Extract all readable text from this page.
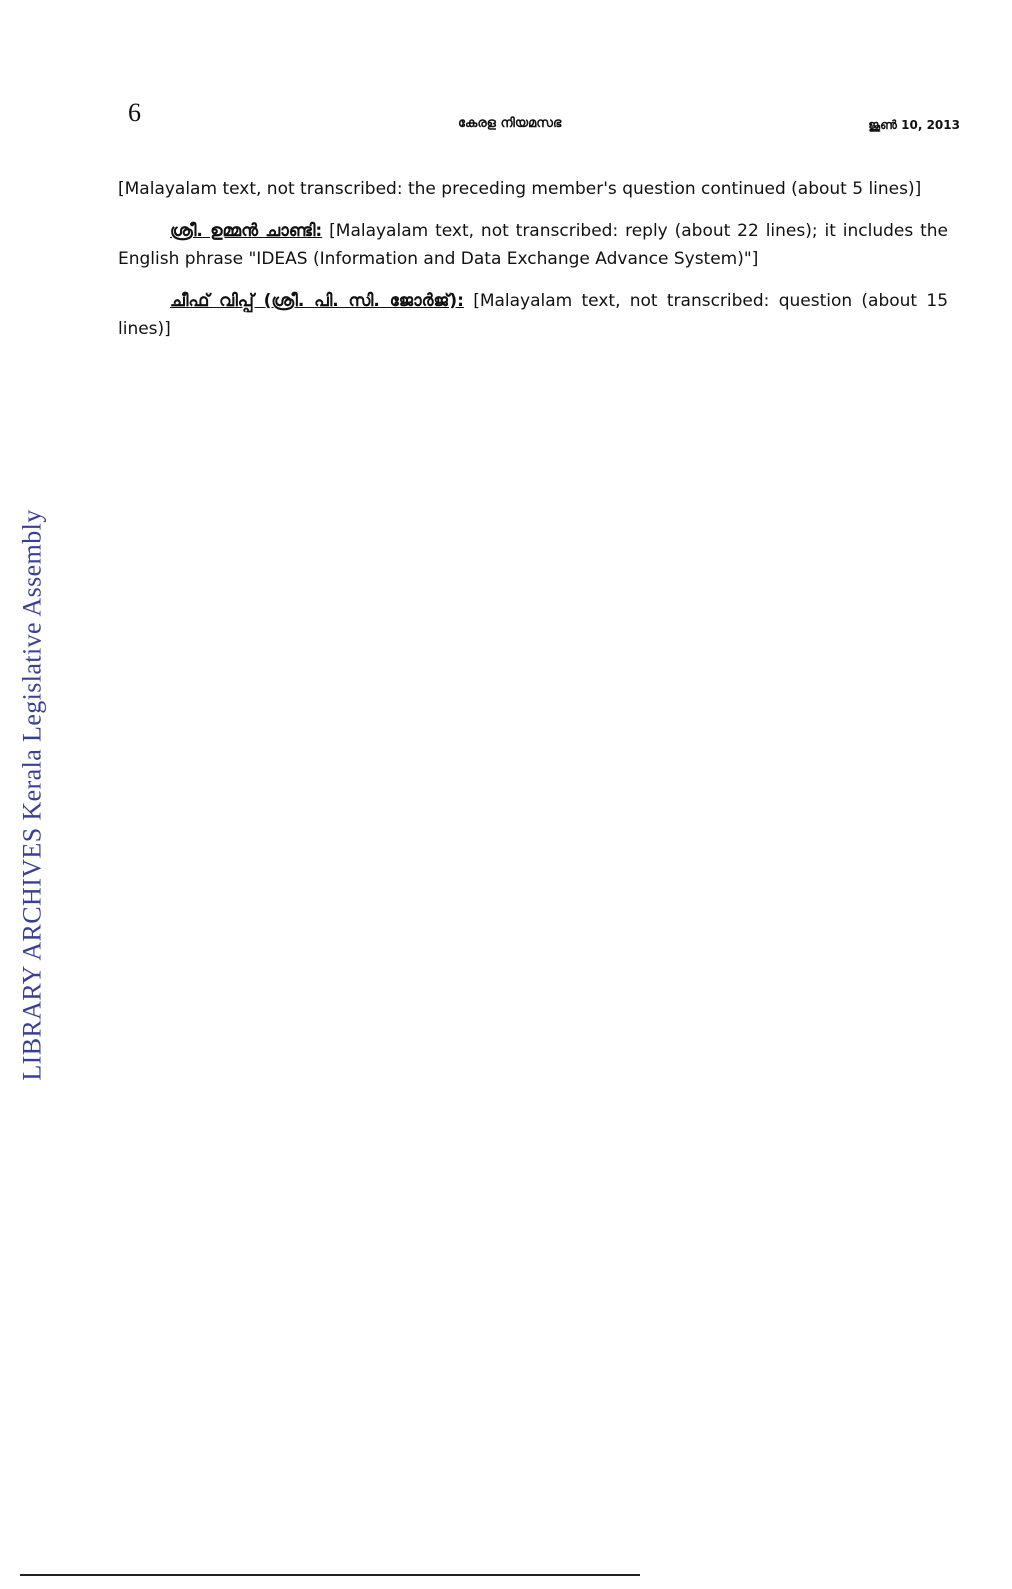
LIBRARY ARCHIVES Kerala Legislative Assembly
6	കേരള നിയമസഭ	ജൂൺ 10, 2013

[Malayalam text, not transcribed: the preceding member's question continued (about 5 lines)]

ശ്രീ. ഉമ്മൻ ചാണ്ടി: [Malayalam text, not transcribed: reply (about 22 lines); it includes the English phrase "IDEAS (Information and Data Exchange Advance System)"]

ചീഫ് വിപ്പ് (ശ്രീ. പി. സി. ജോർജ്): [Malayalam text, not transcribed: question (about 15 lines)]
